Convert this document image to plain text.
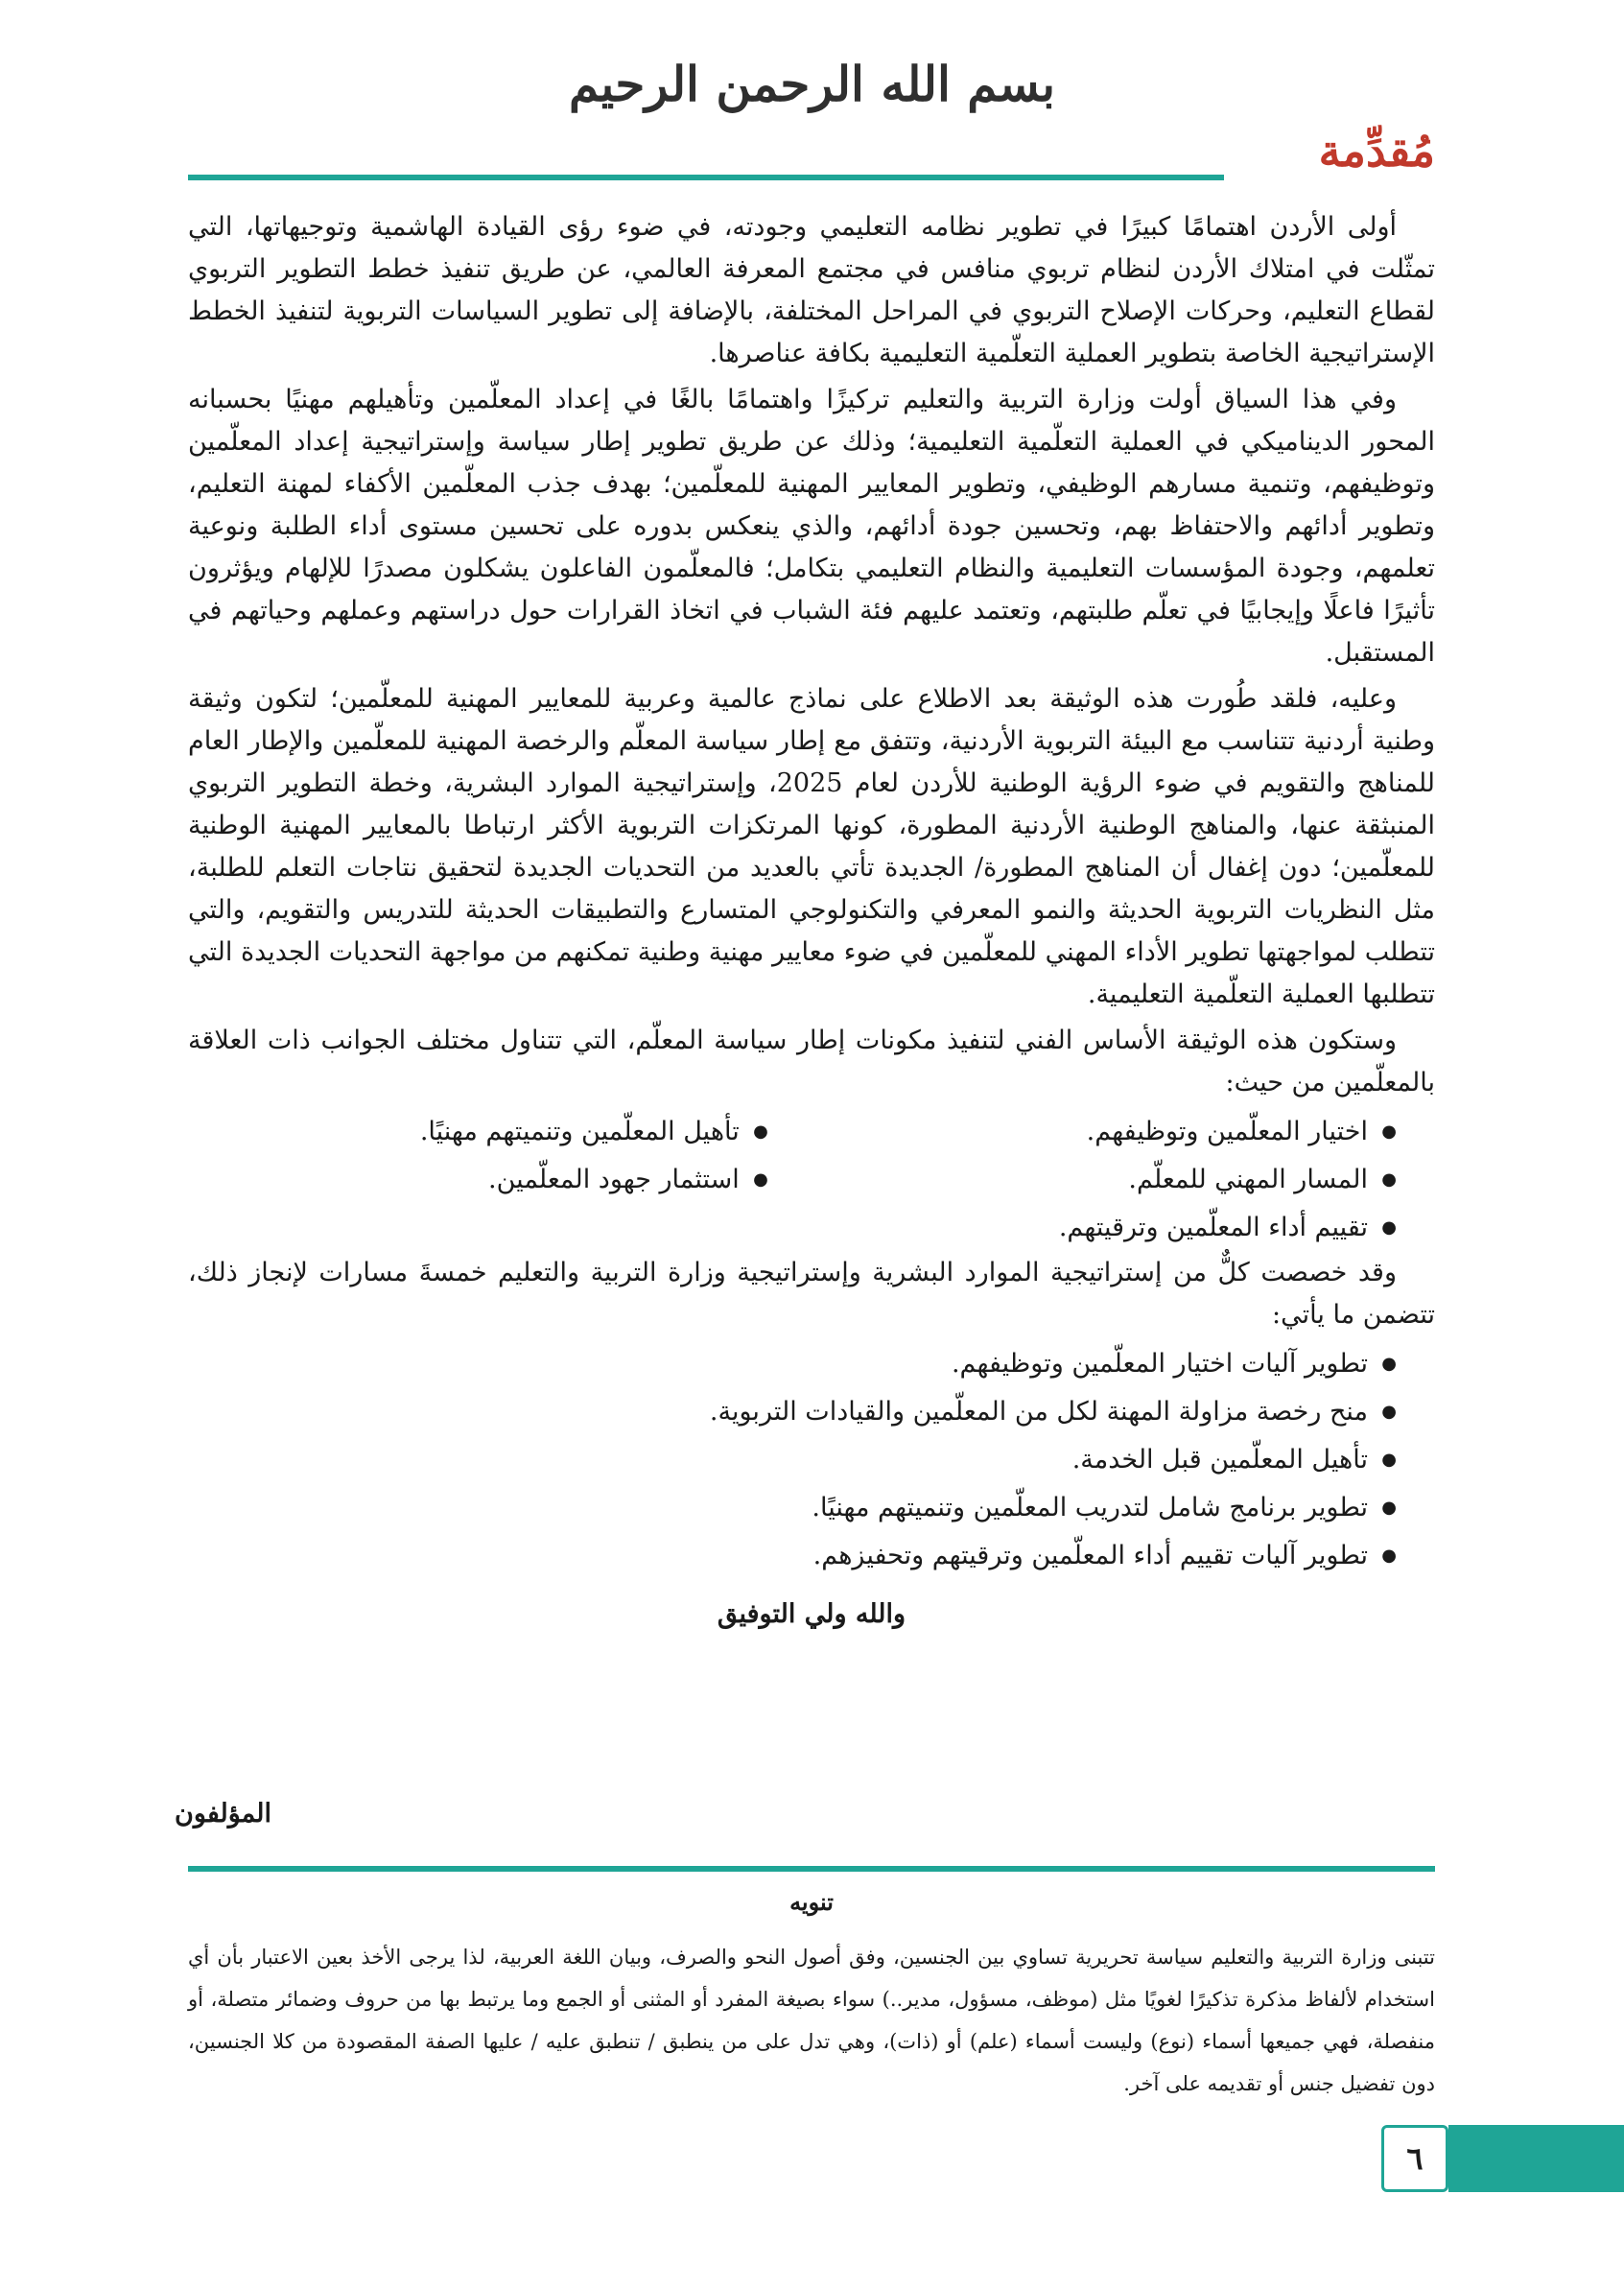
بسم الله الرحمن الرحيم
مُقدِّمة

أولى الأردن اهتمامًا كبيرًا في تطوير نظامه التعليمي وجودته، في ضوء رؤى القيادة الهاشمية وتوجيهاتها، التي تمثّلت في امتلاك الأردن لنظام تربوي منافس في مجتمع المعرفة العالمي، عن طريق تنفيذ خطط التطوير التربوي لقطاع التعليم، وحركات الإصلاح التربوي في المراحل المختلفة، بالإضافة إلى تطوير السياسات التربوية لتنفيذ الخطط الإستراتيجية الخاصة بتطوير العملية التعلّمية التعليمية بكافة عناصرها.

وفي هذا السياق أولت وزارة التربية والتعليم تركيزًا واهتمامًا بالغًا في إعداد المعلّمين وتأهيلهم مهنيًا بحسبانه المحور الديناميكي في العملية التعلّمية التعليمية؛ وذلك عن طريق تطوير إطار سياسة وإستراتيجية إعداد المعلّمين وتوظيفهم، وتنمية مسارهم الوظيفي، وتطوير المعايير المهنية للمعلّمين؛ بهدف جذب المعلّمين الأكفاء لمهنة التعليم، وتطوير أدائهم والاحتفاظ بهم، وتحسين جودة أدائهم، والذي ينعكس بدوره على تحسين مستوى أداء الطلبة ونوعية تعلمهم، وجودة المؤسسات التعليمية والنظام التعليمي بتكامل؛ فالمعلّمون الفاعلون يشكلون مصدرًا للإلهام ويؤثرون تأثيرًا فاعلًا وإيجابيًا في تعلّم طلبتهم، وتعتمد عليهم فئة الشباب في اتخاذ القرارات حول دراستهم وعملهم وحياتهم في المستقبل.

وعليه، فلقد طُورت هذه الوثيقة بعد الاطلاع على نماذج عالمية وعربية للمعايير المهنية للمعلّمين؛ لتكون وثيقة وطنية أردنية تتناسب مع البيئة التربوية الأردنية، وتتفق مع إطار سياسة المعلّم والرخصة المهنية للمعلّمين والإطار العام للمناهج والتقويم في ضوء الرؤية الوطنية للأردن لعام 2025، وإستراتيجية الموارد البشرية، وخطة التطوير التربوي المنبثقة عنها، والمناهج الوطنية الأردنية المطورة، كونها المرتكزات التربوية الأكثر ارتباطا بالمعايير المهنية الوطنية للمعلّمين؛ دون إغفال أن المناهج المطورة/ الجديدة تأتي بالعديد من التحديات الجديدة لتحقيق نتاجات التعلم للطلبة، مثل النظريات التربوية الحديثة والنمو المعرفي والتكنولوجي المتسارع والتطبيقات الحديثة للتدريس والتقويم، والتي تتطلب لمواجهتها تطوير الأداء المهني للمعلّمين في ضوء معايير مهنية وطنية تمكنهم من مواجهة التحديات الجديدة التي تتطلبها العملية التعلّمية التعليمية.

وستكون هذه الوثيقة الأساس الفني لتنفيذ مكونات إطار سياسة المعلّم، التي تتناول مختلف الجوانب ذات العلاقة بالمعلّمين من حيث:

● اختيار المعلّمين وتوظيفهم.
● المسار المهني للمعلّم.
● تقييم أداء المعلّمين وترقيتهم.
● تأهيل المعلّمين وتنميتهم مهنيًا.
● استثمار جهود المعلّمين.

وقد خصصت كلٌّ من إستراتيجية الموارد البشرية وإستراتيجية وزارة التربية والتعليم خمسةَ مسارات لإنجاز ذلك، تتضمن ما يأتي:

● تطوير آليات اختيار المعلّمين وتوظيفهم.
● منح رخصة مزاولة المهنة لكل من المعلّمين والقيادات التربوية.
● تأهيل المعلّمين قبل الخدمة.
● تطوير برنامج شامل لتدريب المعلّمين وتنميتهم مهنيًا.
● تطوير آليات تقييم أداء المعلّمين وترقيتهم وتحفيزهم.
والله ولي التوفيق
المؤلفون
تنويه
تتبنى وزارة التربية والتعليم سياسة تحريرية تساوي بين الجنسين، وفق أصول النحو والصرف، وبيان اللغة العربية، لذا يرجى الأخذ بعين الاعتبار بأن أي استخدام لألفاظ مذكرة تذكيرًا لغويًا مثل (موظف، مسؤول، مدير..) سواء بصيغة المفرد أو المثنى أو الجمع وما يرتبط بها من حروف وضمائر متصلة، أو منفصلة، فهي جميعها أسماء (نوع) وليست أسماء (علم) أو (ذات)، وهي تدل على من ينطبق / تنطبق عليه / عليها الصفة المقصودة من كلا الجنسين، دون تفضيل جنس أو تقديمه على آخر.
٦
